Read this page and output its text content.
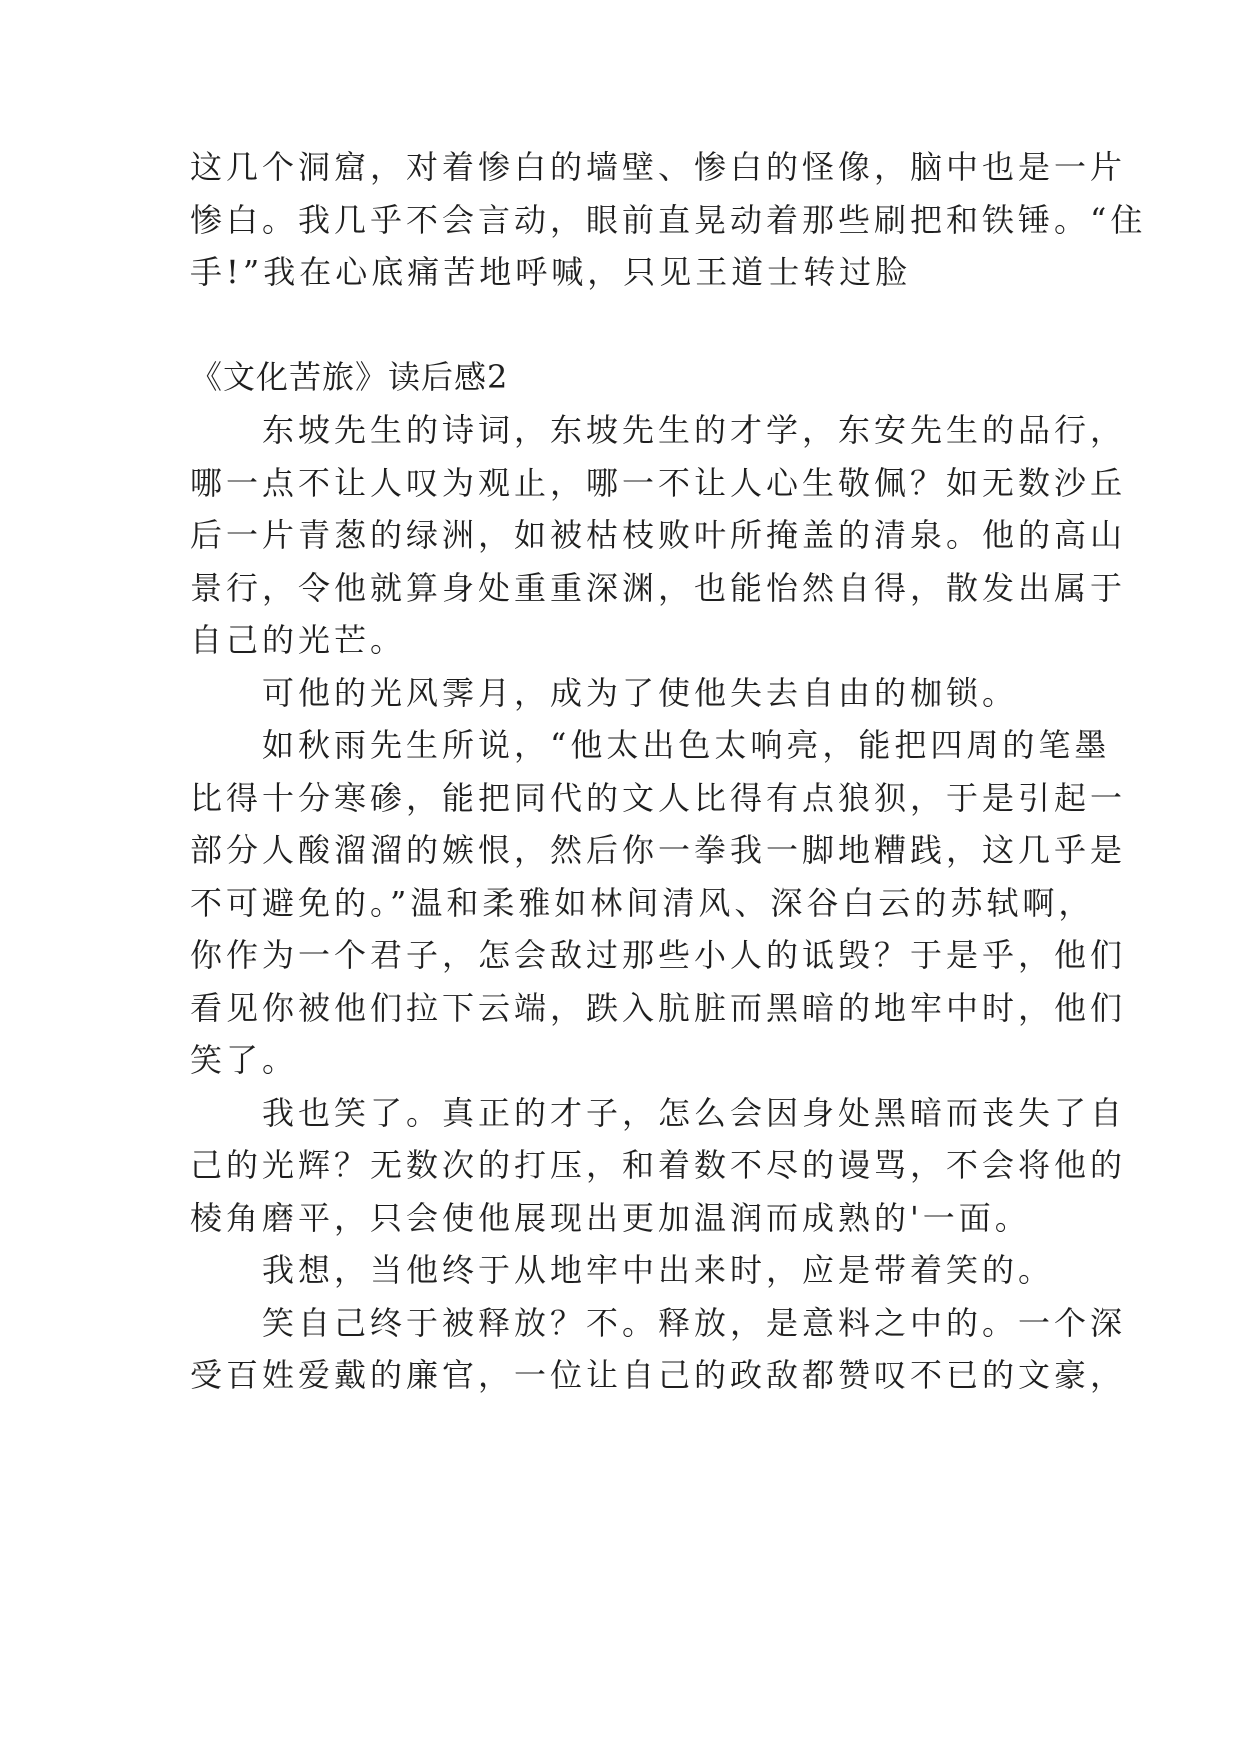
这几个洞窟，对着惨白的墙壁、惨白的怪像，脑中也是一片
惨白。我几乎不会言动，眼前直晃动着那些刷把和铁锤。“住
手!”我在心底痛苦地呼喊，只见王道士转过脸
《文化苦旅》读后感2
　　东坡先生的诗词，东坡先生的才学，东安先生的品行，
哪一点不让人叹为观止，哪一不让人心生敬佩？如无数沙丘
后一片青葱的绿洲，如被枯枝败叶所掩盖的清泉。他的高山
景行，令他就算身处重重深渊，也能怡然自得，散发出属于
自己的光芒。
　　可他的光风霁月，成为了使他失去自由的枷锁。
　　如秋雨先生所说，“他太出色太响亮，能把四周的笔墨
比得十分寒碜，能把同代的文人比得有点狼狈，于是引起一
部分人酸溜溜的嫉恨，然后你一拳我一脚地糟践，这几乎是
不可避免的。”温和柔雅如林间清风、深谷白云的苏轼啊，
你作为一个君子，怎会敌过那些小人的诋毁？于是乎，他们
看见你被他们拉下云端，跌入肮脏而黑暗的地牢中时，他们
笑了。
　　我也笑了。真正的才子，怎么会因身处黑暗而丧失了自
己的光辉？无数次的打压，和着数不尽的谩骂，不会将他的
棱角磨平，只会使他展现出更加温润而成熟的'一面。
　　我想，当他终于从地牢中出来时，应是带着笑的。
　　笑自己终于被释放？不。释放，是意料之中的。一个深
受百姓爱戴的廉官，一位让自己的政敌都赞叹不已的文豪，
